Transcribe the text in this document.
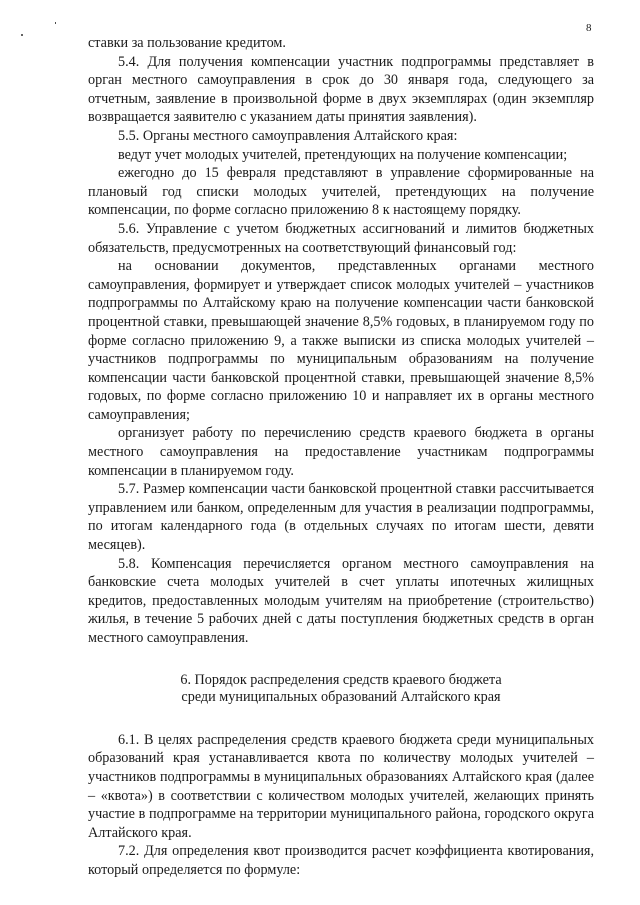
8

ставки за пользование кредитом.

5.4. Для получения компенсации участник подпрограммы представляет в орган местного самоуправления в срок до 30 января года, следующего за отчетным, заявление в произвольной форме в двух экземплярах (один экземпляр возвращается заявителю с указанием даты принятия заявления).

5.5. Органы местного самоуправления Алтайского края:

ведут учет молодых учителей, претендующих на получение компенсации;

ежегодно до 15 февраля представляют в управление сформированные на плановый год списки молодых учителей, претендующих на получение компенсации, по форме согласно приложению 8 к настоящему порядку.

5.6. Управление с учетом бюджетных ассигнований и лимитов бюджетных обязательств, предусмотренных на соответствующий финансовый год:

на основании документов, представленных органами местного самоуправления, формирует и утверждает список молодых учителей – участников подпрограммы по Алтайскому краю на получение компенсации части банковской процентной ставки, превышающей значение 8,5% годовых, в планируемом году по форме согласно приложению 9, а также выписки из списка молодых учителей – участников подпрограммы по муниципальным образованиям на получение компенсации части банковской процентной ставки, превышающей значение 8,5% годовых, по форме согласно приложению 10 и направляет их в органы местного самоуправления;

организует работу по перечислению средств краевого бюджета в органы местного самоуправления на предоставление участникам подпрограммы компенсации в планируемом году.

5.7. Размер компенсации части банковской процентной ставки рассчитывается управлением или банком, определенным для участия в реализации подпрограммы, по итогам календарного года (в отдельных случаях по итогам шести, девяти месяцев).

5.8. Компенсация перечисляется органом местного самоуправления на банковские счета молодых учителей в счет уплаты ипотечных жилищных кредитов, предоставленных молодым учителям на приобретение (строительство) жилья, в течение 5 рабочих дней с даты поступления бюджетных средств в орган местного самоуправления.

6. Порядок распределения средств краевого бюджета
среди муниципальных образований Алтайского края

6.1. В целях распределения средств краевого бюджета среди муниципальных образований края устанавливается квота по количеству молодых учителей – участников подпрограммы в муниципальных образованиях Алтайского края (далее – «квота») в соответствии с количеством молодых учителей, желающих принять участие в подпрограмме на территории муниципального района, городского округа Алтайского края.

7.2. Для определения квот производится расчет коэффициента квотирования, который определяется по формуле:
